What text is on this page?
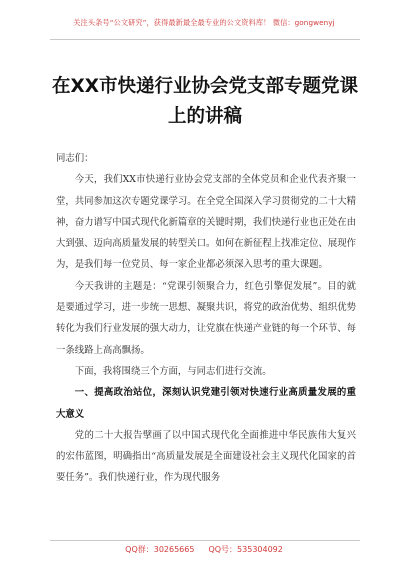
关注头条号“公文研究”，获得最新最全最专业的公文资料库！ 微信：gongwenyj
在XX市快递行业协会党支部专题党课
上的讲稿

同志们：

今天，我们XX市快递行业协会党支部的全体党员和企业代表齐聚一堂，共同参加这次专题党课学习。在全党全国深入学习贯彻党的二十大精神，奋力谱写中国式现代化新篇章的关键时期，我们快递行业也正处在由大到强、迈向高质量发展的转型关口。如何在新征程上找准定位、展现作为，是我们每一位党员、每一家企业都必须深入思考的重大课题。

今天我讲的主题是：“党课引领聚合力，红色引擎促发展”。目的就是要通过学习，进一步统一思想、凝聚共识，将党的政治优势、组织优势转化为我们行业发展的强大动力，让党旗在快递产业链的每一个环节、每一条线路上高高飘扬。

下面，我将围绕三个方面，与同志们进行交流。

一、提高政治站位，深刻认识党建引领对快速行业高质量发展的重大意义

党的二十大报告擘画了以中国式现代化全面推进中华民族伟大复兴的宏伟蓝图，明确指出“高质量发展是全面建设社会主义现代化国家的首要任务”。我们快递行业，作为现代服务

QQ群：30265665 QQ号：535304092
